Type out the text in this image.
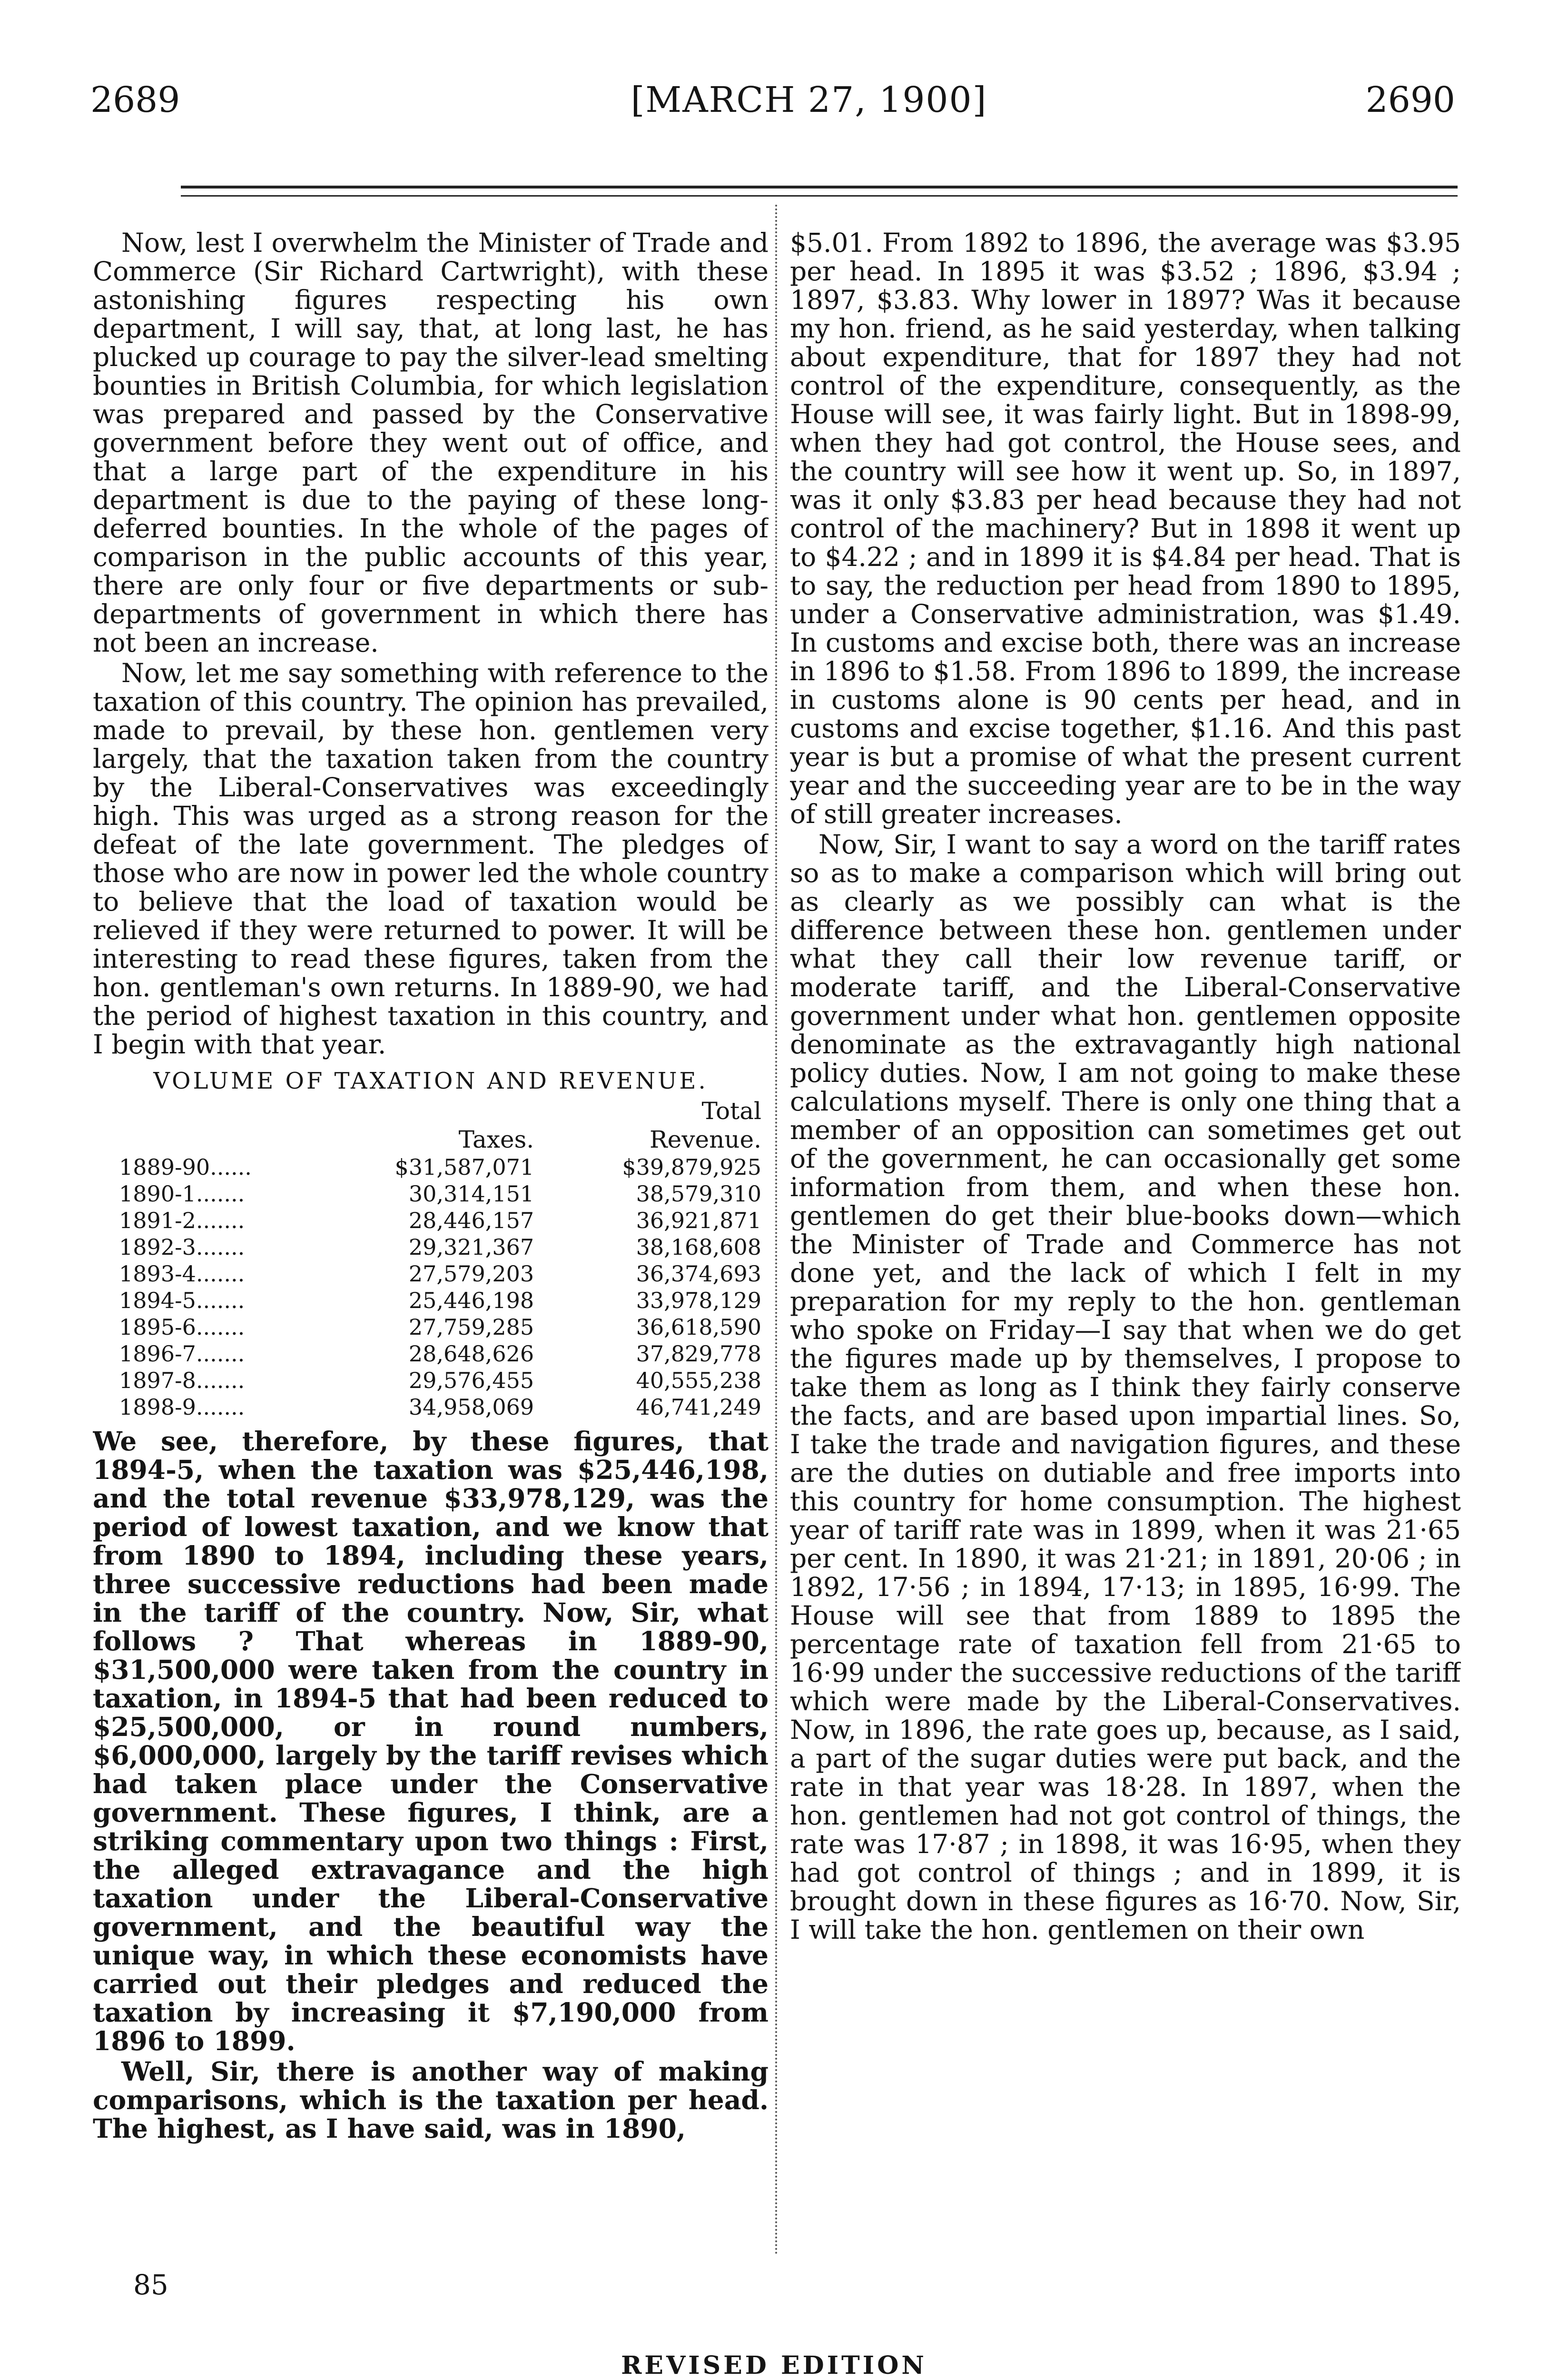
2689	[MARCH 27, 1900]	2690

Now, lest I overwhelm the Minister of Trade and Commerce (Sir Richard Cartwright), with these astonishing figures respecting his own department, I will say, that, at long last, he has plucked up courage to pay the silver-lead smelting bounties in British Columbia, for which legislation was prepared and passed by the Conservative government before they went out of office, and that a large part of the expenditure in his department is due to the paying of these long-deferred bounties. In the whole of the pages of comparison in the public accounts of this year, there are only four or five departments or sub-departments of government in which there has not been an increase.

Now, let me say something with reference to the taxation of this country. The opinion has prevailed, made to prevail, by these hon. gentlemen very largely, that the taxation taken from the country by the Liberal-Conservatives was exceedingly high. This was urged as a strong reason for the defeat of the late government. The pledges of those who are now in power led the whole country to believe that the load of taxation would be relieved if they were returned to power. It will be interesting to read these figures, taken from the hon. gentleman's own returns. In 1889-90, we had the period of highest taxation in this country, and I begin with that year.

VOLUME OF TAXATION AND REVENUE.
		Total
	Taxes.	Revenue.
1889-90......	$31,587,071	$39,879,925
1890-1.......	30,314,151	38,579,310
1891-2.......	28,446,157	36,921,871
1892-3.......	29,321,367	38,168,608
1893-4.......	27,579,203	36,374,693
1894-5.......	25,446,198	33,978,129
1895-6.......	27,759,285	36,618,590
1896-7.......	28,648,626	37,829,778
1897-8.......	29,576,455	40,555,238
1898-9.......	34,958,069	46,741,249

We see, therefore, by these figures, that 1894-5, when the taxation was $25,446,198, and the total revenue $33,978,129, was the period of lowest taxation, and we know that from 1890 to 1894, including these years, three successive reductions had been made in the tariff of the country. Now, Sir, what follows ? That whereas in 1889-90, $31,500,000 were taken from the country in taxation, in 1894-5 that had been reduced to $25,500,000, or in round numbers, $6,000,000, largely by the tariff revises which had taken place under the Conservative government. These figures, I think, are a striking commentary upon two things : First, the alleged extravagance and the high taxation under the Liberal-Conservative government, and the beautiful way the unique way, in which these economists have carried out their pledges and reduced the taxation by increasing it $7,190,000 from 1896 to 1899.

Well, Sir, there is another way of making comparisons, which is the taxation per head. The highest, as I have said, was in 1890,

$5.01. From 1892 to 1896, the average was $3.95 per head. In 1895 it was $3.52 ; 1896, $3.94 ; 1897, $3.83. Why lower in 1897? Was it because my hon. friend, as he said yesterday, when talking about expenditure, that for 1897 they had not control of the expenditure, consequently, as the House will see, it was fairly light. But in 1898-99, when they had got control, the House sees, and the country will see how it went up. So, in 1897, was it only $3.83 per head because they had not control of the machinery? But in 1898 it went up to $4.22 ; and in 1899 it is $4.84 per head. That is to say, the reduction per head from 1890 to 1895, under a Conservative administration, was $1.49. In customs and excise both, there was an increase in 1896 to $1.58. From 1896 to 1899, the increase in customs alone is 90 cents per head, and in customs and excise together, $1.16. And this past year is but a promise of what the present current year and the succeeding year are to be in the way of still greater increases.

Now, Sir, I want to say a word on the tariff rates so as to make a comparison which will bring out as clearly as we possibly can what is the difference between these hon. gentlemen under what they call their low revenue tariff, or moderate tariff, and the Liberal-Conservative government under what hon. gentlemen opposite denominate as the extravagantly high national policy duties. Now, I am not going to make these calculations myself. There is only one thing that a member of an opposition can sometimes get out of the government, he can occasionally get some information from them, and when these hon. gentlemen do get their blue-books down—which the Minister of Trade and Commerce has not done yet, and the lack of which I felt in my preparation for my reply to the hon. gentleman who spoke on Friday—I say that when we do get the figures made up by themselves, I propose to take them as long as I think they fairly conserve the facts, and are based upon impartial lines. So, I take the trade and navigation figures, and these are the duties on dutiable and free imports into this country for home consumption. The highest year of tariff rate was in 1899, when it was 21·65 per cent. In 1890, it was 21·21; in 1891, 20·06 ; in 1892, 17·56 ; in 1894, 17·13; in 1895, 16·99. The House will see that from 1889 to 1895 the percentage rate of taxation fell from 21·65 to 16·99 under the successive reductions of the tariff which were made by the Liberal-Conservatives. Now, in 1896, the rate goes up, because, as I said, a part of the sugar duties were put back, and the rate in that year was 18·28. In 1897, when the hon. gentlemen had not got control of things, the rate was 17·87 ; in 1898, it was 16·95, when they had got control of things ; and in 1899, it is brought down in these figures as 16·70. Now, Sir, I will take the hon. gentlemen on their own

85
REVISED EDITION
